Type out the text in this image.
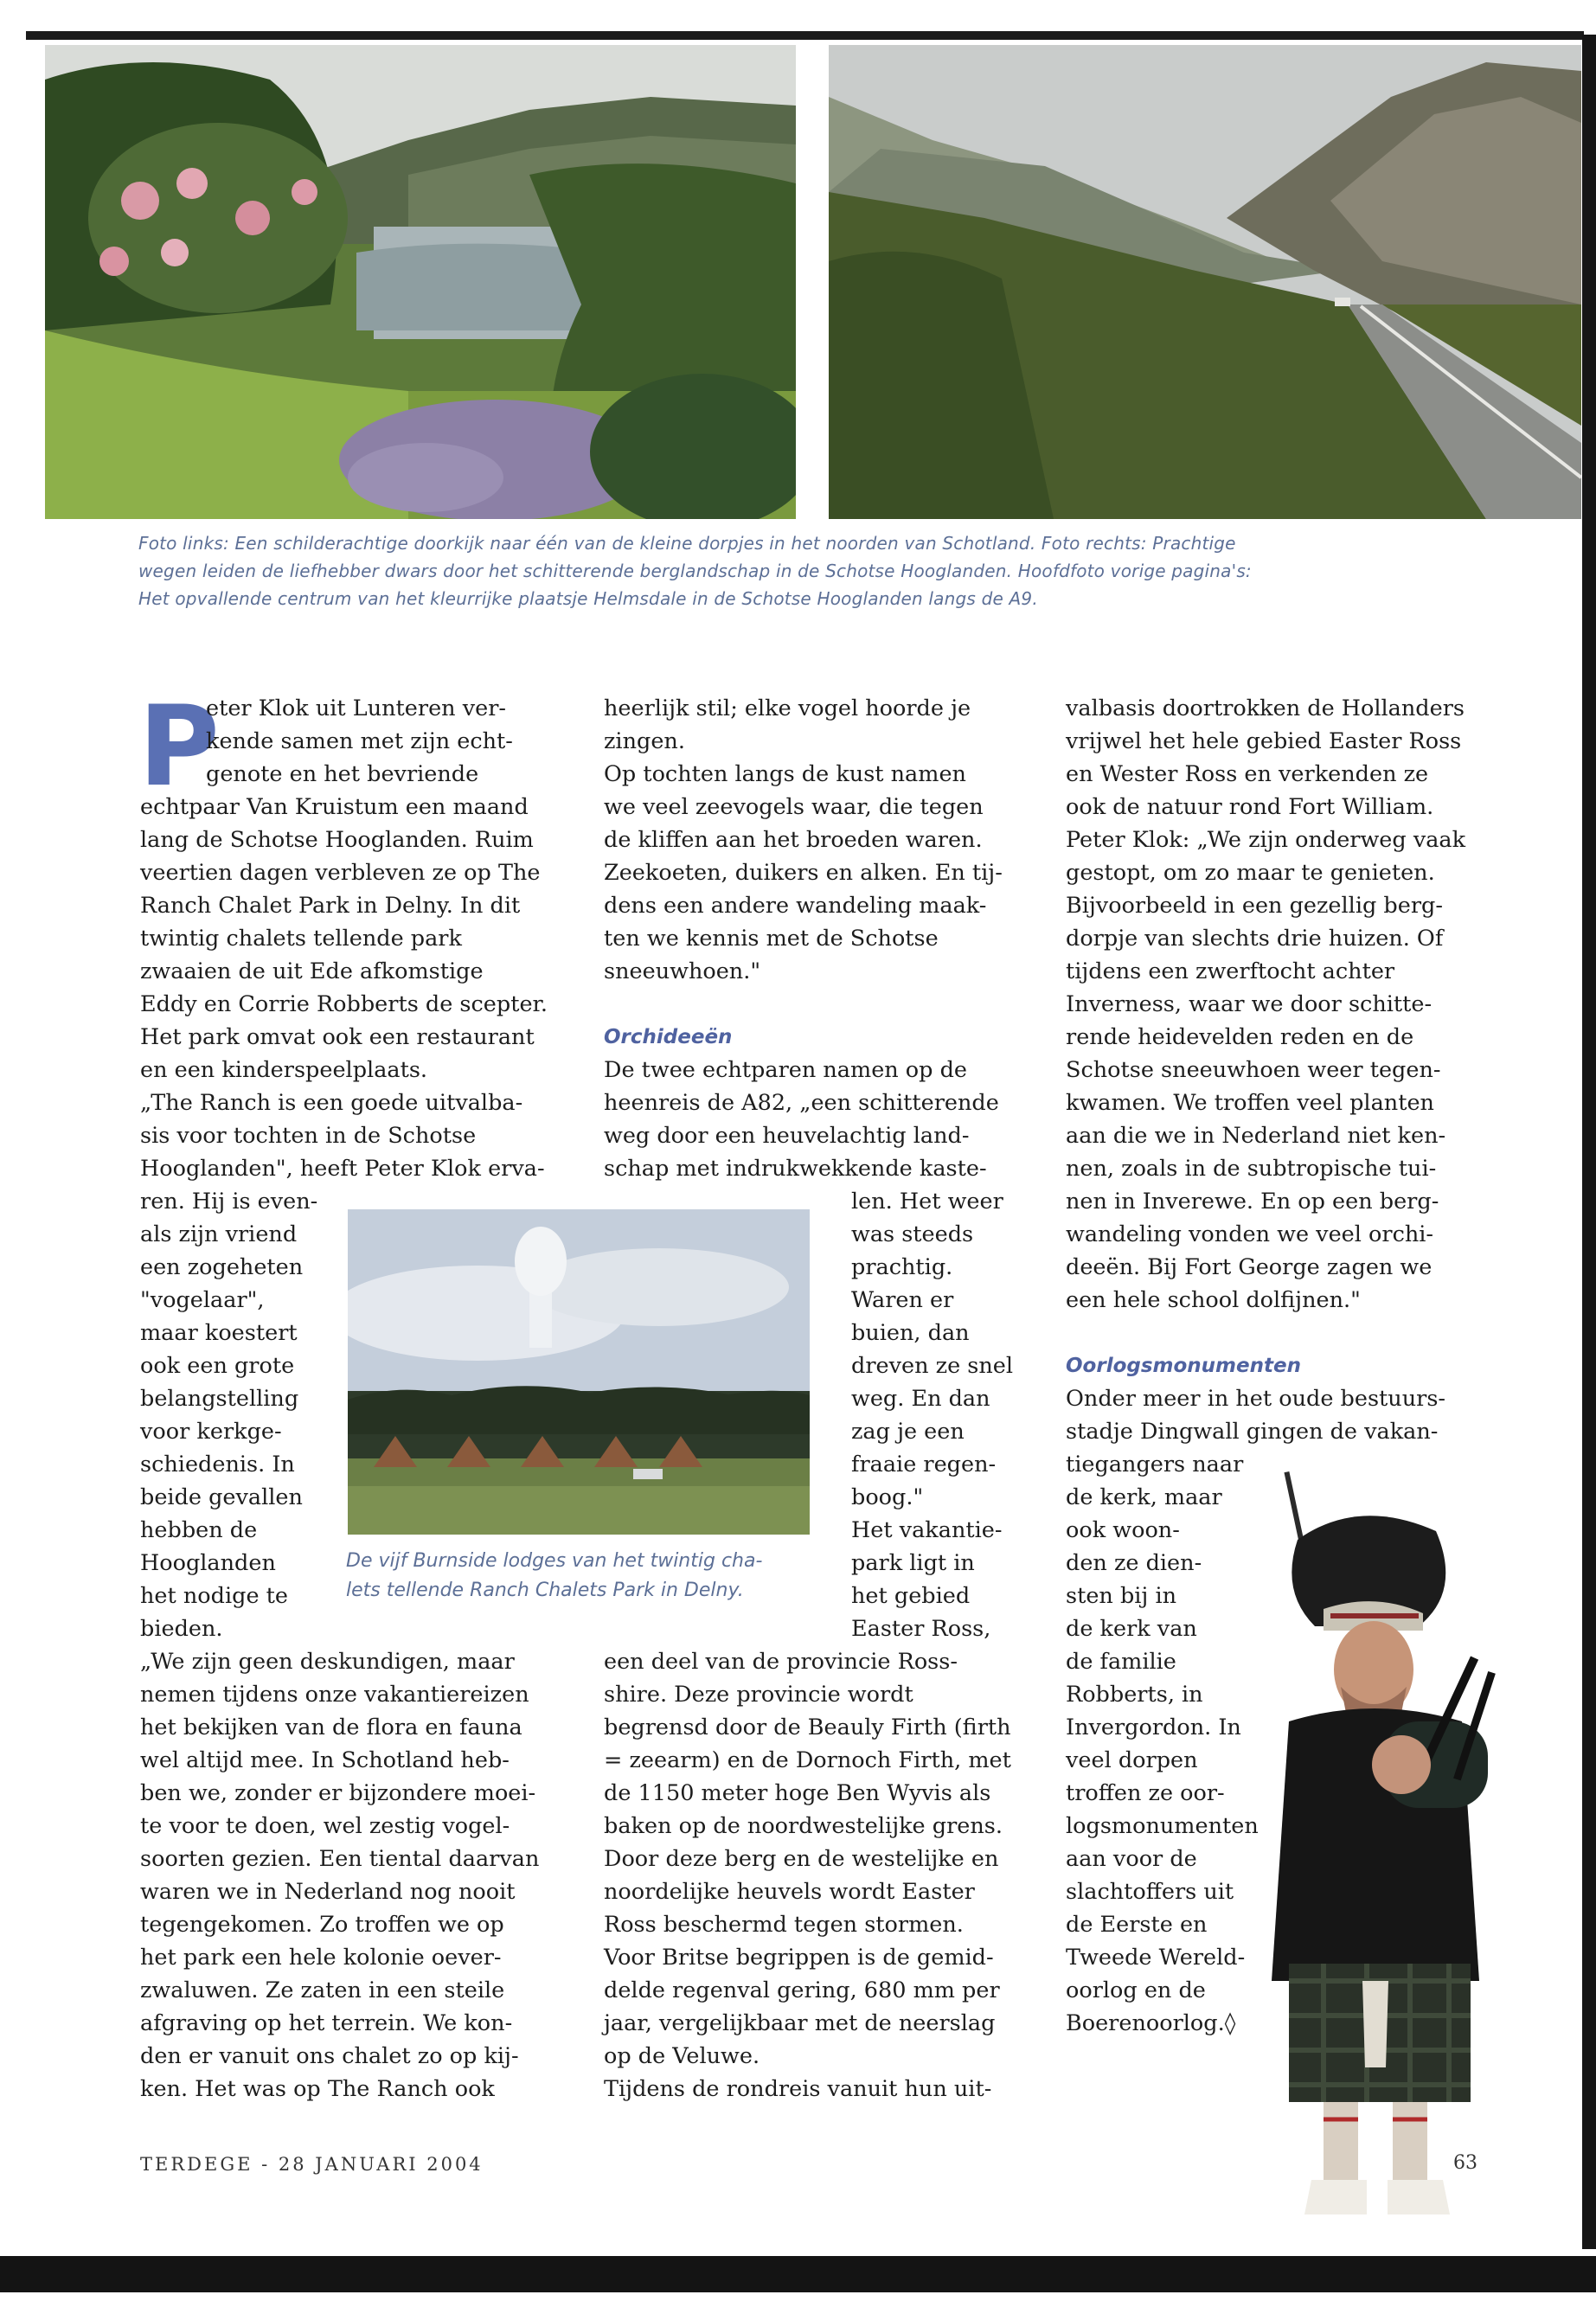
Foto links: Een schilderachtige doorkijk naar één van de kleine dorpjes in het noorden van Schotland. Foto rechts: Prachtige
wegen leiden de liefhebber dwars door het schitterende berglandschap in de Schotse Hooglanden. Hoofdfoto vorige pagina's:
Het opvallende centrum van het kleurrijke plaatsje Helmsdale in de Schotse Hooglanden langs de A9.
P
eter Klok uit Lunteren ver-
kende samen met zijn echt-
genote en het bevriende
echtpaar Van Kruistum een maand
lang de Schotse Hooglanden. Ruim
veertien dagen verbleven ze op The
Ranch Chalet Park in Delny. In dit
twintig chalets tellende park
zwaaien de uit Ede afkomstige
Eddy en Corrie Robberts de scepter.
Het park omvat ook een restaurant
en een kinderspeelplaats.
„The Ranch is een goede uitvalba-
sis voor tochten in de Schotse
Hooglanden", heeft Peter Klok erva-
ren. Hij is even-
als zijn vriend
een zogeheten
"vogelaar",
maar koestert
ook een grote
belangstelling
voor kerkge-
schiedenis. In
beide gevallen
hebben de
Hooglanden
het nodige te
bieden.
„We zijn geen deskundigen, maar
nemen tijdens onze vakantiereizen
het bekijken van de flora en fauna
wel altijd mee. In Schotland heb-
ben we, zonder er bijzondere moei-
te voor te doen, wel zestig vogel-
soorten gezien. Een tiental daarvan
waren we in Nederland nog nooit
tegengekomen. Zo troffen we op
het park een hele kolonie oever-
zwaluwen. Ze zaten in een steile
afgraving op het terrein. We kon-
den er vanuit ons chalet zo op kij-
ken. Het was op The Ranch ook
heerlijk stil; elke vogel hoorde je
zingen.
Op tochten langs de kust namen
we veel zeevogels waar, die tegen
de kliffen aan het broeden waren.
Zeekoeten, duikers en alken. En tij-
dens een andere wandeling maak-
ten we kennis met de Schotse
sneeuwhoen."
Orchideeën
De twee echtparen namen op de
heenreis de A82, „een schitterende
weg door een heuvelachtig land-
schap met indrukwekkende kaste-
len. Het weer
was steeds
prachtig.
Waren er
buien, dan
dreven ze snel
weg. En dan
zag je een
fraaie regen-
boog."
Het vakantie-
park ligt in
het gebied
Easter Ross,
een deel van de provincie Ross-
shire. Deze provincie wordt
begrensd door de Beauly Firth (firth
= zeearm) en de Dornoch Firth, met
de 1150 meter hoge Ben Wyvis als
baken op de noordwestelijke grens.
Door deze berg en de westelijke en
noordelijke heuvels wordt Easter
Ross beschermd tegen stormen.
Voor Britse begrippen is de gemid-
delde regenval gering, 680 mm per
jaar, vergelijkbaar met de neerslag
op de Veluwe.
Tijdens de rondreis vanuit hun uit-
De vijf Burnside lodges van het twintig cha-
lets tellende Ranch Chalets Park in Delny.
valbasis doortrokken de Hollanders
vrijwel het hele gebied Easter Ross
en Wester Ross en verkenden ze
ook de natuur rond Fort William.
Peter Klok: „We zijn onderweg vaak
gestopt, om zo maar te genieten.
Bijvoorbeeld in een gezellig berg-
dorpje van slechts drie huizen. Of
tijdens een zwerftocht achter
Inverness, waar we door schitte-
rende heidevelden reden en de
Schotse sneeuwhoen weer tegen-
kwamen. We troffen veel planten
aan die we in Nederland niet ken-
nen, zoals in de subtropische tui-
nen in Inverewe. En op een berg-
wandeling vonden we veel orchi-
deeën. Bij Fort George zagen we
een hele school dolfijnen."
Oorlogsmonumenten
Onder meer in het oude bestuurs-
stadje Dingwall gingen de vakan-
tiegangers naar
de kerk, maar
ook woon-
den ze dien-
sten bij in
de kerk van
de familie
Robberts, in
Invergordon. In
veel dorpen
troffen ze oor-
logsmonumenten
aan voor de
slachtoffers uit
de Eerste en
Tweede Wereld-
oorlog en de
Boerenoorlog.◊
TERDEGE - 28 JANUARI 2004	63
